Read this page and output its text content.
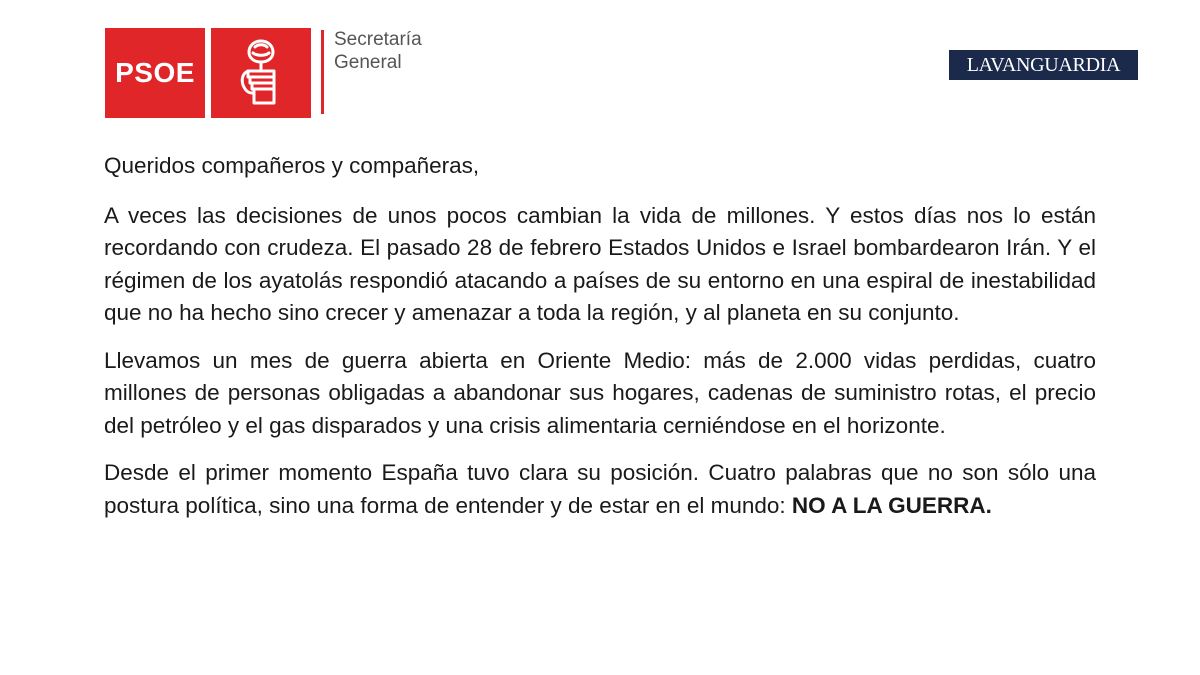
PSOE
Secretaría
General	LAVANGUARDIA

Queridos compañeros y compañeras,

A veces las decisiones de unos pocos cambian la vida de millones. Y estos días nos lo están recordando con crudeza. El pasado 28 de febrero Estados Unidos e Israel bombardearon Irán. Y el régimen de los ayatolás respondió atacando a países de su entorno en una espiral de inestabilidad que no ha hecho sino crecer y amenazar a toda la región, y al planeta en su conjunto.

Llevamos un mes de guerra abierta en Oriente Medio: más de 2.000 vidas perdidas, cuatro millones de personas obligadas a abandonar sus hogares, cadenas de suministro rotas, el precio del petróleo y el gas disparados y una crisis alimentaria cerniéndose en el horizonte.

Desde el primer momento España tuvo clara su posición. Cuatro palabras que no son sólo una postura política, sino una forma de entender y de estar en el mundo: NO A LA GUERRA.
